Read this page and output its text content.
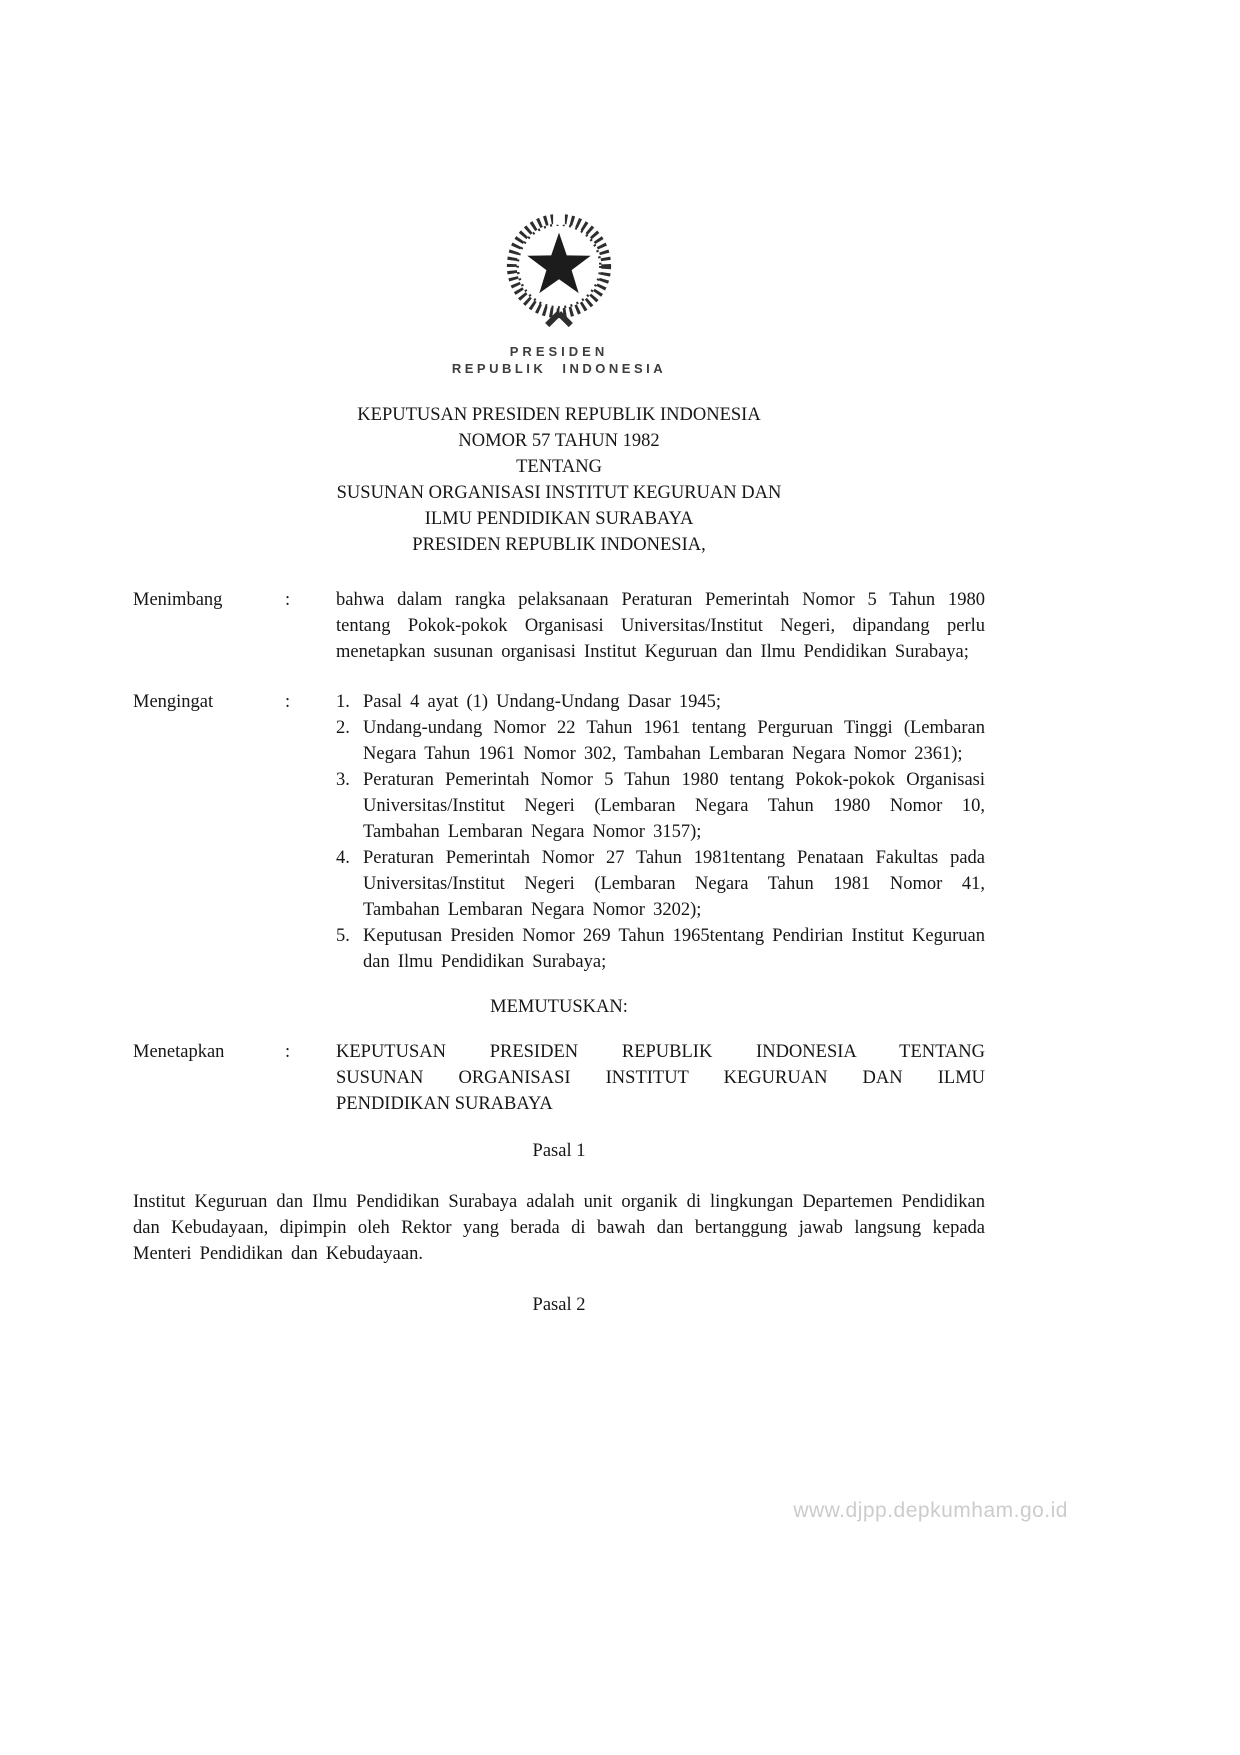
PRESIDEN
REPUBLIK INDONESIA
KEPUTUSAN PRESIDEN REPUBLIK INDONESIA
NOMOR 57 TAHUN 1982
TENTANG
SUSUNAN ORGANISASI INSTITUT KEGURUAN DAN
ILMU PENDIDIKAN SURABAYA
PRESIDEN REPUBLIK INDONESIA,
Menimbang	:	bahwa dalam rangka pelaksanaan Peraturan Pemerintah Nomor 5 Tahun 1980 tentang Pokok-pokok Organisasi Universitas/Institut Negeri, dipandang perlu menetapkan susunan organisasi Institut Keguruan dan Ilmu Pendidikan Surabaya;
Mengingat	:	1. Pasal 4 ayat (1) Undang-Undang Dasar 1945;
2. Undang-undang Nomor 22 Tahun 1961 tentang Perguruan Tinggi (Lembaran Negara Tahun 1961 Nomor 302, Tambahan Lembaran Negara Nomor 2361);
3. Peraturan Pemerintah Nomor 5 Tahun 1980 tentang Pokok-pokok Organisasi Universitas/Institut Negeri (Lembaran Negara Tahun 1980 Nomor 10, Tambahan Lembaran Negara Nomor 3157);
4. Peraturan Pemerintah Nomor 27 Tahun 1981tentang Penataan Fakultas pada Universitas/Institut Negeri (Lembaran Negara Tahun 1981 Nomor 41, Tambahan Lembaran Negara Nomor 3202);
5. Keputusan Presiden Nomor 269 Tahun 1965tentang Pendirian Institut Keguruan dan Ilmu Pendidikan Surabaya;
MEMUTUSKAN:
Menetapkan	:	KEPUTUSAN PRESIDEN REPUBLIK INDONESIA TENTANG
SUSUNAN ORGANISASI INSTITUT KEGURUAN DAN ILMU
PENDIDIKAN SURABAYA
Pasal 1
Institut Keguruan dan Ilmu Pendidikan Surabaya adalah unit organik di lingkungan Departemen Pendidikan dan Kebudayaan, dipimpin oleh Rektor yang berada di bawah dan bertanggung jawab langsung kepada Menteri Pendidikan dan Kebudayaan.
Pasal 2
www.djpp.depkumham.go.id
